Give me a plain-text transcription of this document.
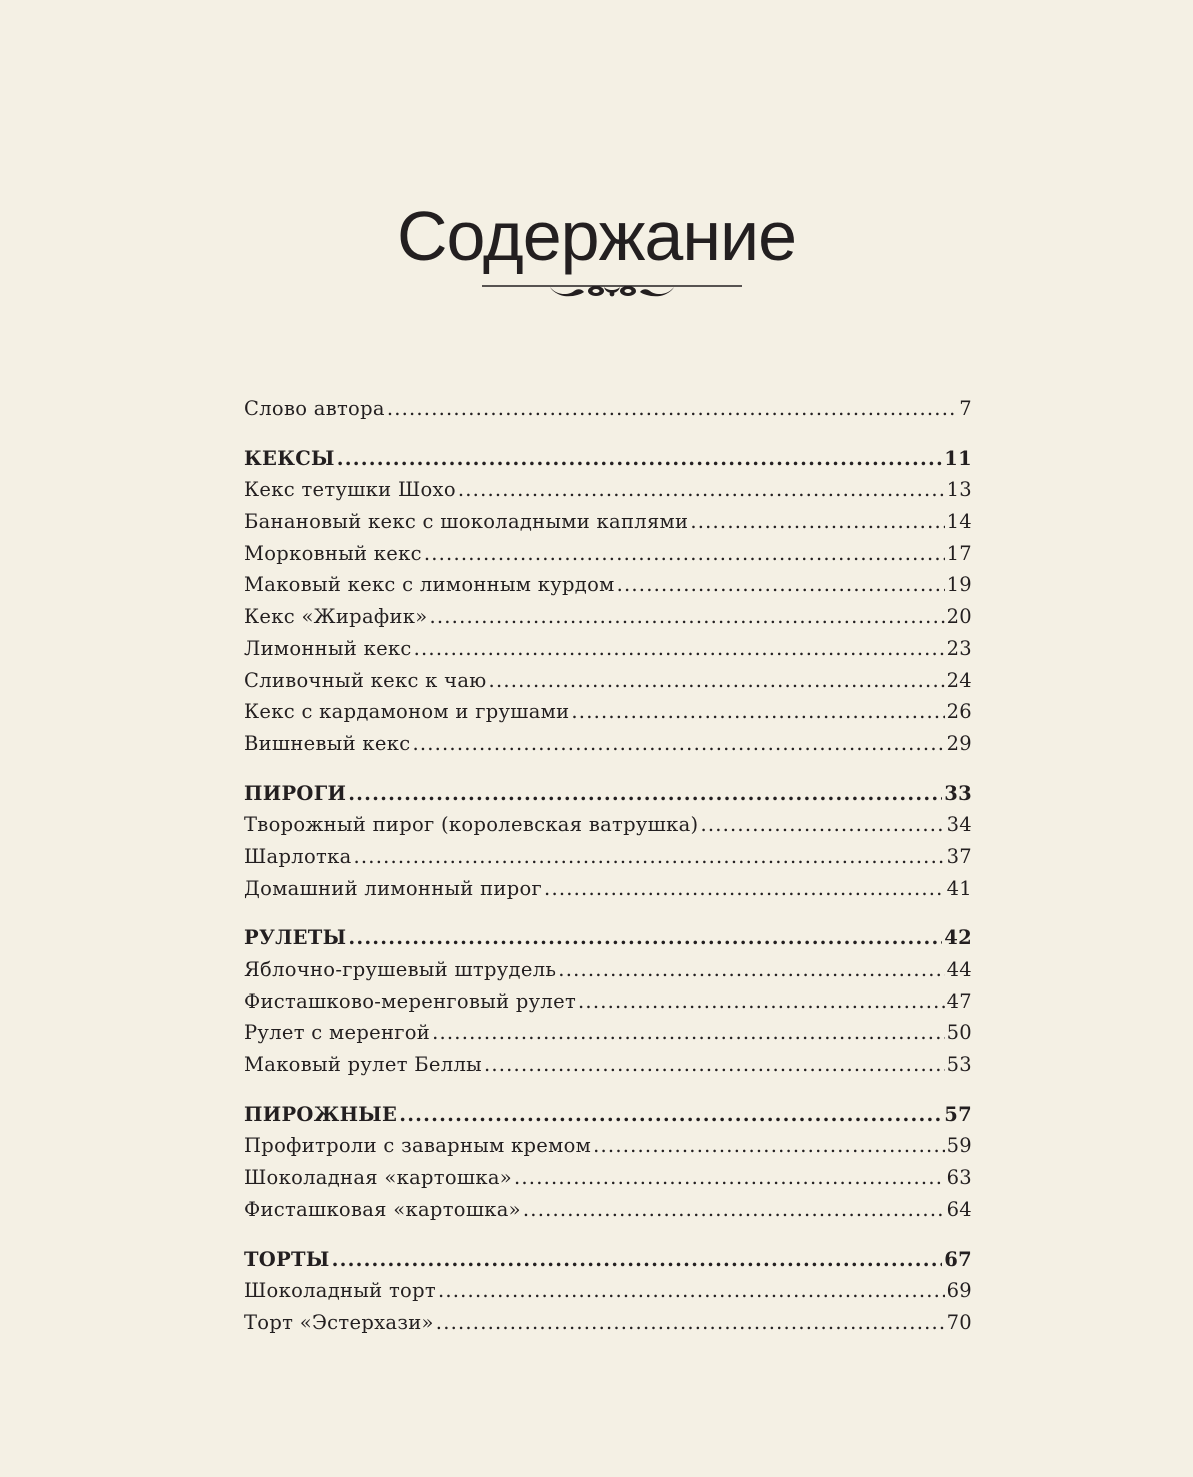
Содержание
Слово автора .....	7
КЕКСЫ .....	11
Кекс тетушки Шохо .....	13
Банановый кекс с шоколадными каплями .....	14
Морковный кекс .....	17
Маковый кекс с лимонным курдом .....	19
Кекс «Жирафик» .....	20
Лимонный кекс .....	23
Сливочный кекс к чаю .....	24
Кекс с кардамоном и грушами .....	26
Вишневый кекс .....	29
ПИРОГИ .....	33
Творожный пирог (королевская ватрушка) .....	34
Шарлотка .....	37
Домашний лимонный пирог .....	41
РУЛЕТЫ .....	42
Яблочно-грушевый штрудель .....	44
Фисташково-меренговый рулет .....	47
Рулет с меренгой .....	50
Маковый рулет Беллы .....	53
ПИРОЖНЫЕ .....	57
Профитроли с заварным кремом .....	59
Шоколадная «картошка» .....	63
Фисташковая «картошка» .....	64
ТОРТЫ .....	67
Шоколадный торт .....	69
Торт «Эстерхази» .....	70
